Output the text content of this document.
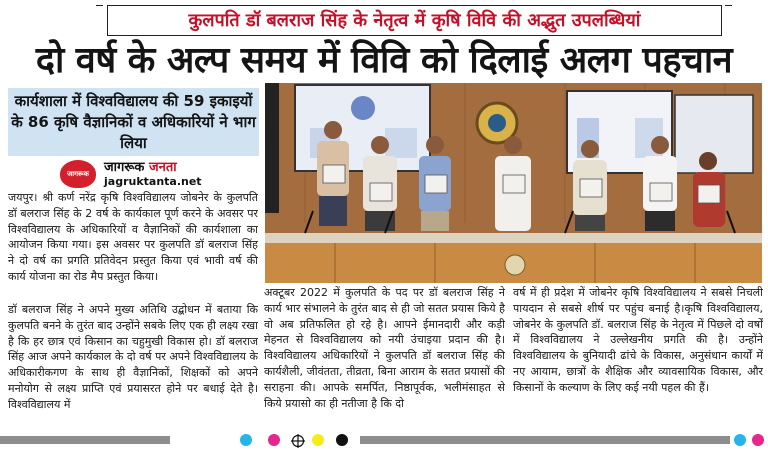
कुलपति डॉ बलराज सिंह के नेतृत्व में कृषि विवि की अद्भुत उपलब्धियां
दो वर्ष के अल्प समय में विवि को दिलाई अलग पहचान
कार्यशाला में विश्वविद्यालय की 59 इकाइयों के 86 कृषि वैज्ञानिकों व अधिकारियों ने भाग लिया
जागरूक	जागरूक जनता
jagruktanta.net
जयपुर। श्री कर्ण नरेंद्र कृषि विश्वविद्यालय जोबनेर के कुलपति डॉ बलराज सिंह के 2 वर्ष के कार्यकाल पूर्ण करने के अवसर पर विश्वविद्यालय के अधिकारियों व वैज्ञानिकों की कार्यशाला का आयोजन किया गया। इस अवसर पर कुलपति डॉ बलराज सिंह ने दो वर्ष का प्रगति प्रतिवेदन प्रस्तुत किया एवं भावी वर्ष की कार्य योजना का रोड मैप प्रस्तुत किया।
डॉ बलराज सिंह ने अपने मुख्य अतिथि उद्बोधन में बताया कि कुलपति बनने के तुरंत बाद उन्होंने सबके लिए एक ही लक्ष्य रखा है कि हर छात्र एवं किसान का चहुमुखी विकास हो। डॉ बलराज सिंह आज अपने कार्यकाल के दो वर्ष पर अपने विश्वविद्यालय के अधिकारीकगण के साथ ही वैज्ञानिकों, शिक्षकों को अपने मनोयोग से लक्ष्य प्राप्ति एवं प्रयासरत होने पर बधाई देते है। विश्वविद्यालय में
अक्टूबर 2022 में कुलपति के पद पर डॉ बलराज सिंह ने कार्य भार संभालने के तुरंत बाद से ही जो सतत प्रयास किये है वो अब प्रतिफलित हो रहे है। आपने ईमानदारी और कड़ी मेहनत से विश्वविद्यालय को नयी उंचाइया प्रदान की है। विश्वविद्यालय अधिकारियों ने कुलपति डॉ बलराज सिंह की कार्यशैली, जीवंतता, तीव्रता, बिना आराम के सतत प्रयासों की सराहना की। आपके समर्पित, निष्ठापूर्वक, भलीमंसाहत से किये प्रयासो का ही नतीजा है कि दो
वर्ष में ही प्रदेश में जोबनेर कृषि विश्वविद्यालय ने सबसे निचली पायदान से सबसे शीर्ष पर पहुंच बनाई है।कृषि विश्वविद्यालय, जोबनेर के कुलपति डॉ. बलराज सिंह के नेतृत्व में पिछले दो वर्षों में विश्वविद्यालय ने उल्लेखनीय प्रगति की है। उन्होंने विश्वविद्यालय के बुनियादी ढांचे के विकास, अनुसंधान कार्यों में नए आयाम, छात्रों के शैक्षिक और व्यावसायिक विकास, और किसानों के कल्याण के लिए कई नयी पहल की हैं।
